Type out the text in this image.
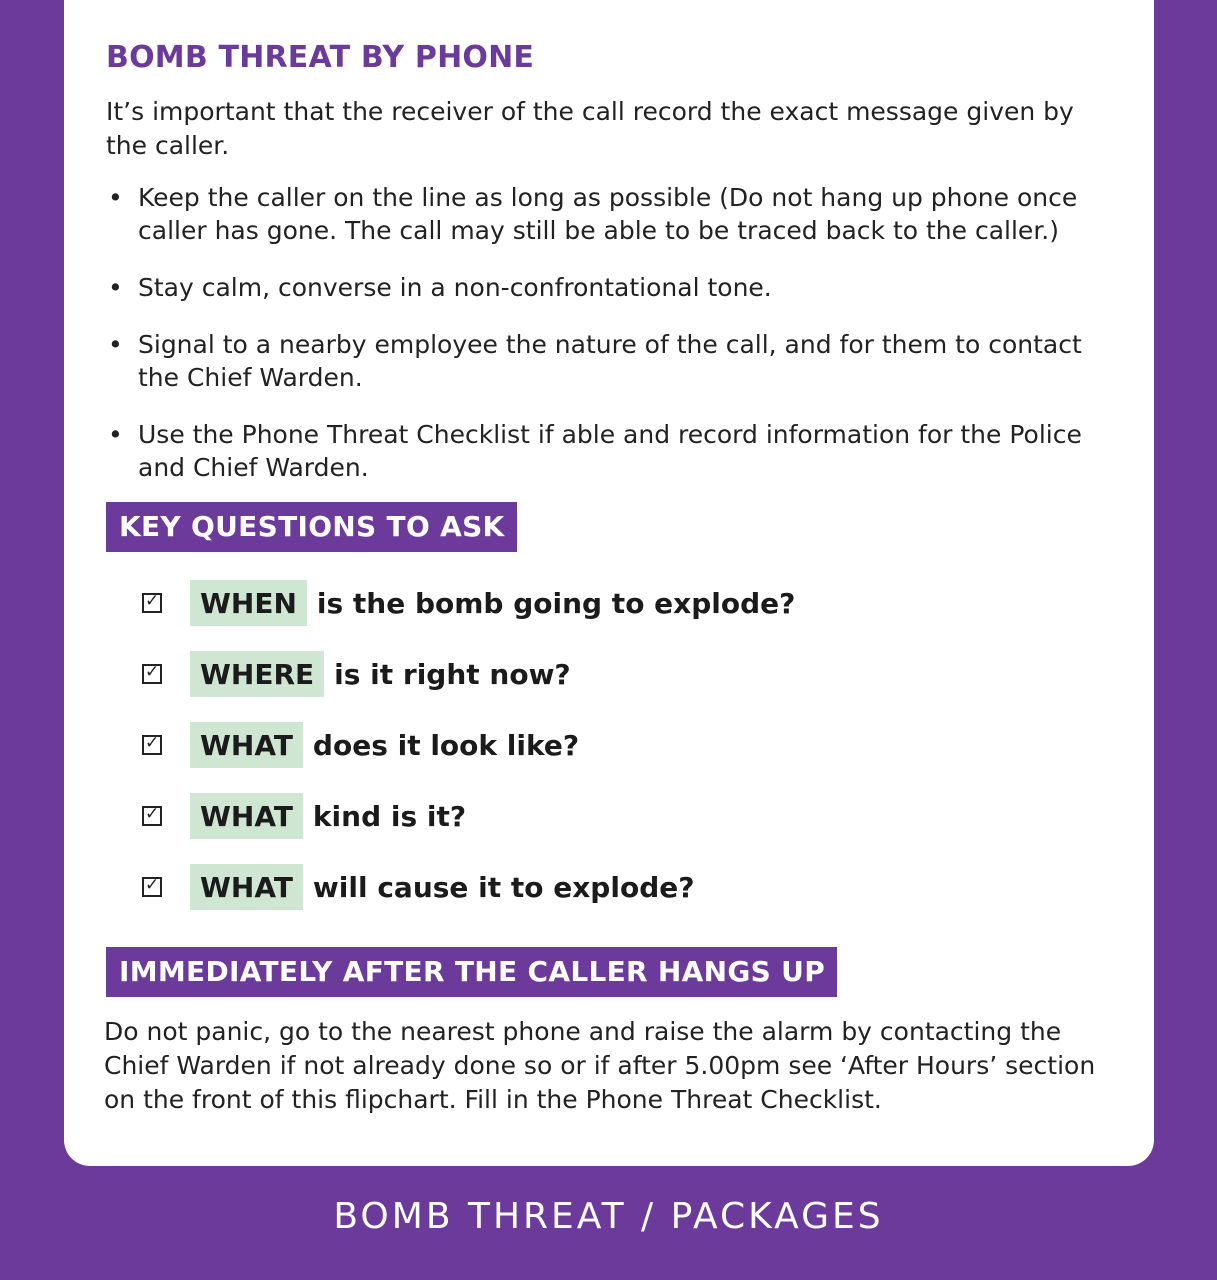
BOMB THREAT BY PHONE

It’s important that the receiver of the call record the exact message given by the caller.

• Keep the caller on the line as long as possible (Do not hang up phone once caller has gone. The call may still be able to be traced back to the caller.)
• Stay calm, converse in a non-confrontational tone.
• Signal to a nearby employee the nature of the call, and for them to contact the Chief Warden.
• Use the Phone Threat Checklist if able and record information for the Police and Chief Warden.
KEY QUESTIONS TO ASK
✓	WHEN is the bomb going to explode?
✓	WHERE is it right now?
✓	WHAT does it look like?
✓	WHAT kind is it?
✓	WHAT will cause it to explode?
IMMEDIATELY AFTER THE CALLER HANGS UP

Do not panic, go to the nearest phone and raise the alarm by contacting the Chief Warden if not already done so or if after 5.00pm see ‘After Hours’ section on the front of this flipchart. Fill in the Phone Threat Checklist.

BOMB THREAT / PACKAGES
